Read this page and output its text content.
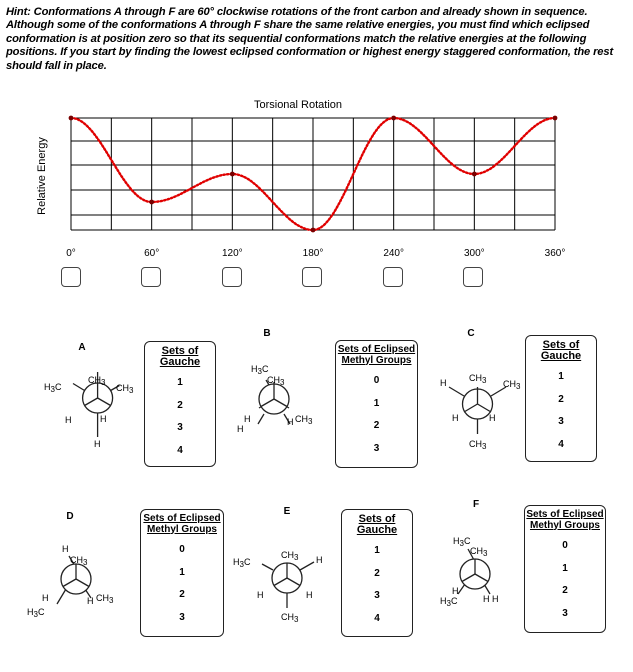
Hint: Conformations A through F are 60° clockwise rotations of the front carbon and already shown in sequence.
Although some of the conformations A through F share the same relative energies, you must find which eclipsed
conformation is at position zero so that its sequential conformations match the relative energies at the following
positions. If you start by finding the lowest eclipsed conformation or highest energy staggered conformation, the rest
should fall in place.
Torsional Rotation
Relative Energy
0°	60°	120°	180°	240°	300°	360°
A
CH3
H3C	CH3
H	H
H
B
H3C
CH3
H
H
H CH3
C
H	CH3 CH3
H	H
CH3
D
H
CH3
H
H3C
H CH3
E
H3C
CH3 H
H	H
CH3
F
H3C
CH3
H
H3C	H H
Sets of
Gauche
1
2
3
4
Sets of Eclipsed
Methyl Groups
0
1
2
3
Sets of
Gauche
1
2
3
4
Sets of Eclipsed
Methyl Groups
0
1
2
3
Sets of
Gauche
1
2
3
4
Sets of Eclipsed
Methyl Groups
0
1
2
3
